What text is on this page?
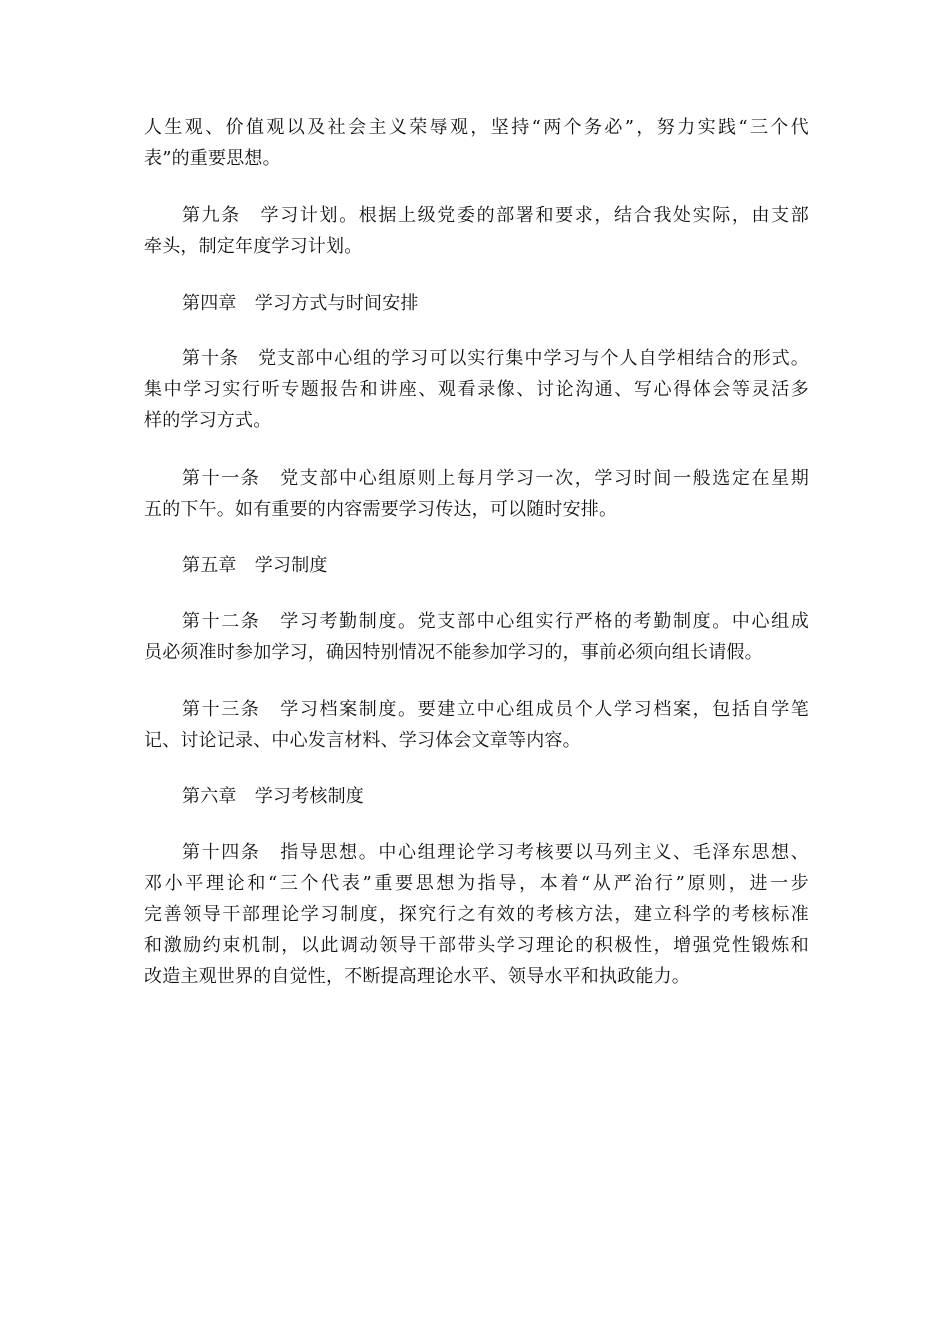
人生观、价值观以及社会主义荣辱观，坚持“两个务必”，努力实践“三个代
表”的重要思想。
第九条　学习计划。根据上级党委的部署和要求，结合我处实际，由支部
牵头，制定年度学习计划。
第四章　学习方式与时间安排
第十条　党支部中心组的学习可以实行集中学习与个人自学相结合的形式。
集中学习实行听专题报告和讲座、观看录像、讨论沟通、写心得体会等灵活多
样的学习方式。
第十一条　党支部中心组原则上每月学习一次，学习时间一般选定在星期
五的下午。如有重要的内容需要学习传达，可以随时安排。
第五章　学习制度
第十二条　学习考勤制度。党支部中心组实行严格的考勤制度。中心组成
员必须准时参加学习，确因特别情况不能参加学习的，事前必须向组长请假。
第十三条　学习档案制度。要建立中心组成员个人学习档案，包括自学笔
记、讨论记录、中心发言材料、学习体会文章等内容。
第六章　学习考核制度
第十四条　指导思想。中心组理论学习考核要以马列主义、毛泽东思想、
邓小平理论和“三个代表”重要思想为指导，本着“从严治行”原则，进一步
完善领导干部理论学习制度，探究行之有效的考核方法，建立科学的考核标准
和激励约束机制，以此调动领导干部带头学习理论的积极性，增强党性锻炼和
改造主观世界的自觉性，不断提高理论水平、领导水平和执政能力。
